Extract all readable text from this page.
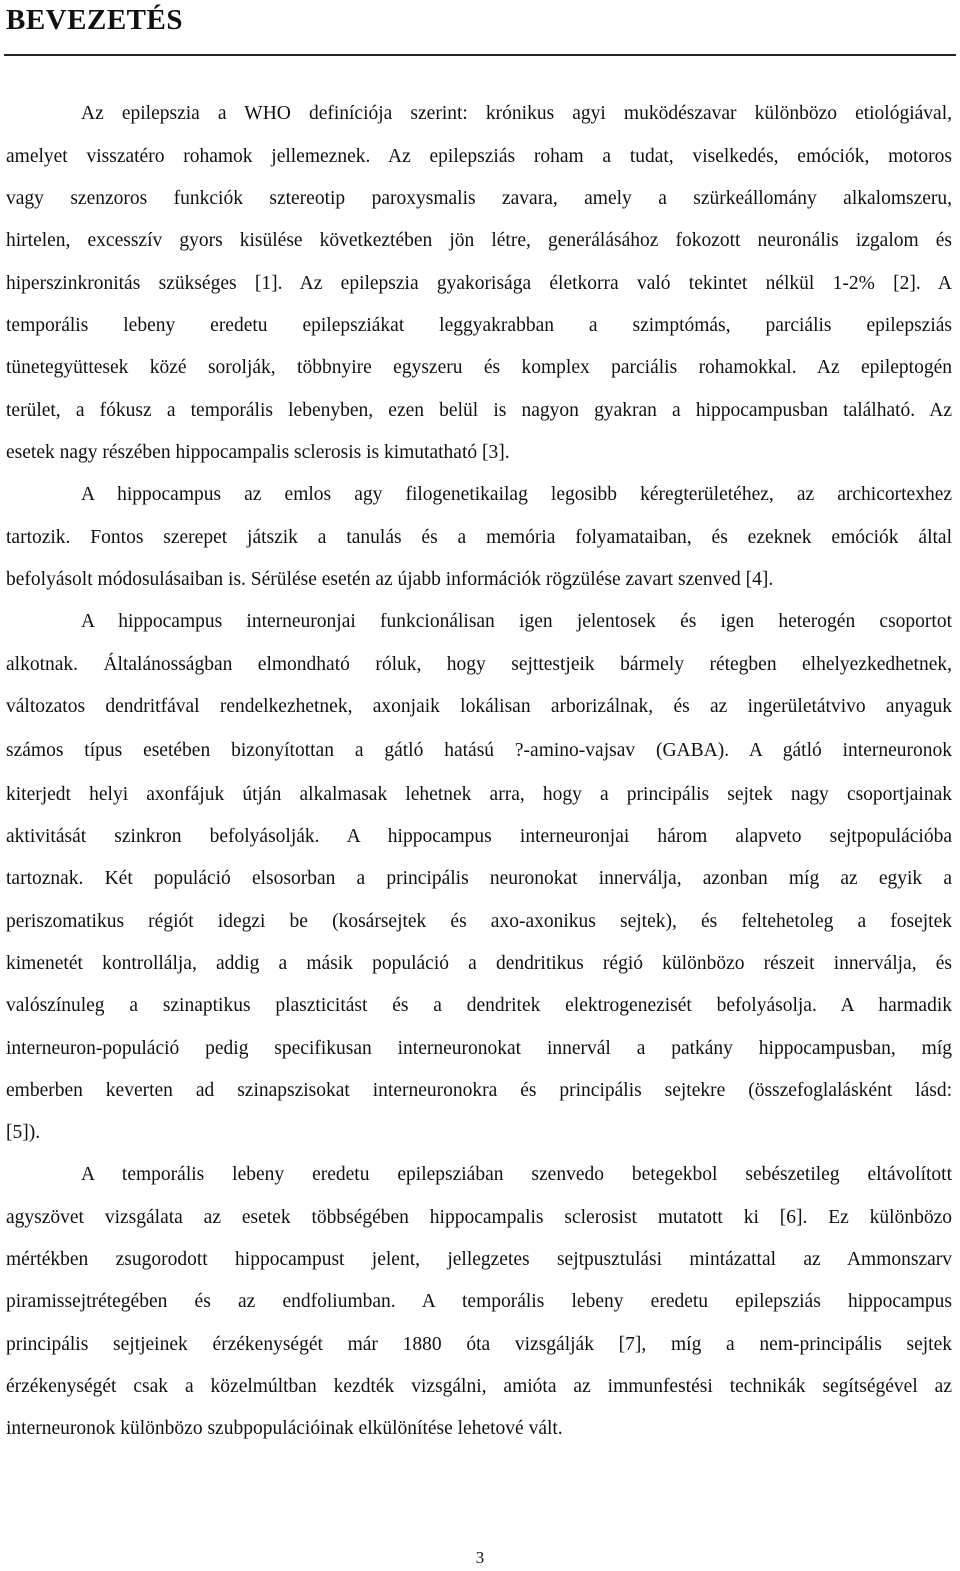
BEVEZETÉS
Az epilepszia a WHO definíciója szerint: krónikus agyi muködészavar különbözo etiológiával,
amelyet visszatéro rohamok jellemeznek. Az epilepsziás roham a tudat, viselkedés, emóciók, motoros
vagy szenzoros funkciók sztereotip paroxysmalis zavara, amely a szürkeállomány alkalomszeru,
hirtelen, excesszív gyors kisülése következtében jön létre, generálásához fokozott neuronális izgalom és
hiperszinkronitás szükséges [1]. Az epilepszia gyakorisága életkorra való tekintet nélkül 1-2% [2]. A
temporális lebeny eredetu epilepsziákat leggyakrabban a szimptómás, parciális epilepsziás
tünetegyüttesek közé sorolják, többnyire egyszeru és komplex parciális rohamokkal. Az epileptogén
terület, a fókusz a temporális lebenyben, ezen belül is nagyon gyakran a hippocampusban található. Az
esetek nagy részében hippocampalis sclerosis is kimutatható [3].
A hippocampus az emlos agy filogenetikailag legosibb kéregterületéhez, az archicortexhez
tartozik. Fontos szerepet játszik a tanulás és a memória folyamataiban, és ezeknek emóciók által
befolyásolt módosulásaiban is. Sérülése esetén az újabb információk rögzülése zavart szenved [4].
A hippocampus interneuronjai funkcionálisan igen jelentosek és igen heterogén csoportot
alkotnak. Általánosságban elmondható róluk, hogy sejttestjeik bármely rétegben elhelyezkedhetnek,
változatos dendritfával rendelkezhetnek, axonjaik lokálisan arborizálnak, és az ingerületátvivo anyaguk
számos típus esetében bizonyítottan a gátló hatású ?-amino-vajsav (GABA). A gátló interneuronok
kiterjedt helyi axonfájuk útján alkalmasak lehetnek arra, hogy a principális sejtek nagy csoportjainak
aktivitását szinkron befolyásolják. A hippocampus interneuronjai három alapveto sejtpopulációba
tartoznak. Két populáció elsosorban a principális neuronokat innerválja, azonban míg az egyik a
periszomatikus régiót idegzi be (kosársejtek és axo-axonikus sejtek), és feltehetoleg a fosejtek
kimenetét kontrollálja, addig a másik populáció a dendritikus régió különbözo részeit innerválja, és
valószínuleg a szinaptikus plaszticitást és a dendritek elektrogenezisét befolyásolja. A harmadik
interneuron-populáció pedig specifikusan interneuronokat innervál a patkány hippocampusban, míg
emberben keverten ad szinapszisokat interneuronokra és principális sejtekre (összefoglalásként lásd:
[5]).
A temporális lebeny eredetu epilepsziában szenvedo betegekbol sebészetileg eltávolított
agyszövet vizsgálata az esetek többségében hippocampalis sclerosist mutatott ki [6]. Ez különbözo
mértékben zsugorodott hippocampust jelent, jellegzetes sejtpusztulási mintázattal az Ammonszarv
piramissejtrétegében és az endfoliumban. A temporális lebeny eredetu epilepsziás hippocampus
principális sejtjeinek érzékenységét már 1880 óta vizsgálják [7], míg a nem-principális sejtek
érzékenységét csak a közelmúltban kezdték vizsgálni, amióta az immunfestési technikák segítségével az
interneuronok különbözo szubpopulációinak elkülönítése lehetové vált.
3
